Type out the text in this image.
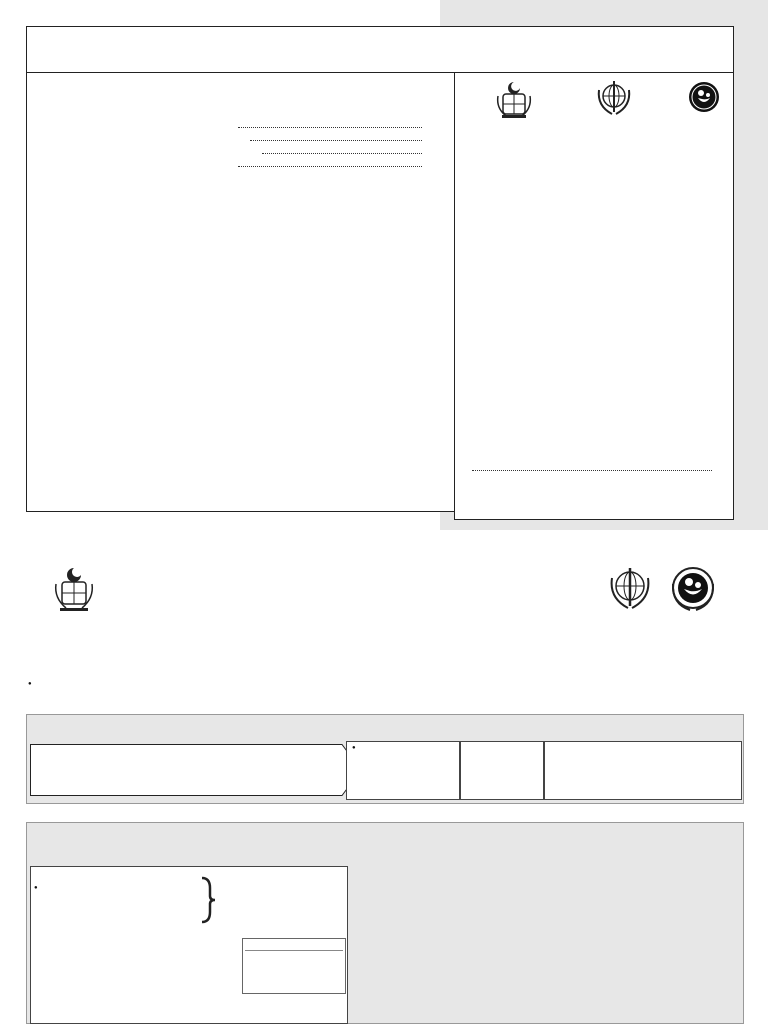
●
●
●
